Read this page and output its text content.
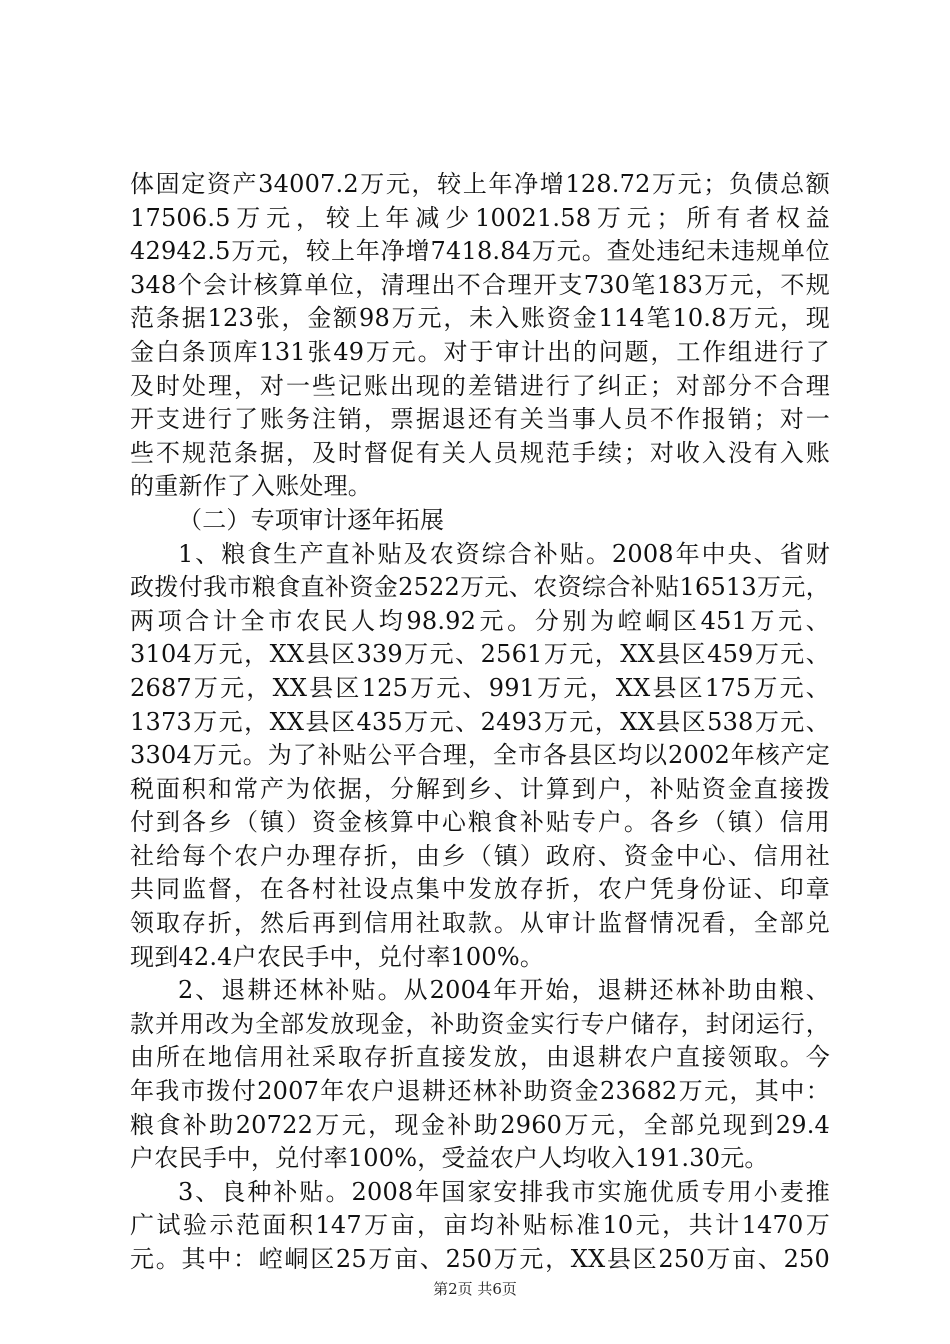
体固定资产34007.2万元，较上年净增128.72万元；负债总额
17506.5万元，较上年减少10021.58万元；所有者权益
42942.5万元，较上年净增7418.84万元。查处违纪未违规单位
348个会计核算单位，清理出不合理开支730笔183万元，不规
范条据123张，金额98万元，未入账资金114笔10.8万元，现
金白条顶库131张49万元。对于审计出的问题，工作组进行了
及时处理，对一些记账出现的差错进行了纠正；对部分不合理
开支进行了账务注销，票据退还有关当事人员不作报销；对一
些不规范条据，及时督促有关人员规范手续；对收入没有入账
的重新作了入账处理。
（二）专项审计逐年拓展
1、粮食生产直补贴及农资综合补贴。2008年中央、省财
政拨付我市粮食直补资金2522万元、农资综合补贴16513万元，
两项合计全市农民人均98.92元。分别为崆峒区451万元、
3104万元，XX县区339万元、2561万元，XX县区459万元、
2687万元，XX县区125万元、991万元，XX县区175万元、
1373万元，XX县区435万元、2493万元，XX县区538万元、
3304万元。为了补贴公平合理，全市各县区均以2002年核产定
税面积和常产为依据，分解到乡、计算到户，补贴资金直接拨
付到各乡（镇）资金核算中心粮食补贴专户。各乡（镇）信用
社给每个农户办理存折，由乡（镇）政府、资金中心、信用社
共同监督，在各村社设点集中发放存折，农户凭身份证、印章
领取存折，然后再到信用社取款。从审计监督情况看，全部兑
现到42.4户农民手中，兑付率100%。
2、退耕还林补贴。从2004年开始，退耕还林补助由粮、
款并用改为全部发放现金，补助资金实行专户储存，封闭运行，
由所在地信用社采取存折直接发放，由退耕农户直接领取。今
年我市拨付2007年农户退耕还林补助资金23682万元，其中：
粮食补助20722万元，现金补助2960万元，全部兑现到29.4
户农民手中，兑付率100%，受益农户人均收入191.30元。
3、良种补贴。2008年国家安排我市实施优质专用小麦推
广试验示范面积147万亩，亩均补贴标准10元，共计1470万
元。其中：崆峒区25万亩、250万元，XX县区250万亩、250
第2页 共6页
